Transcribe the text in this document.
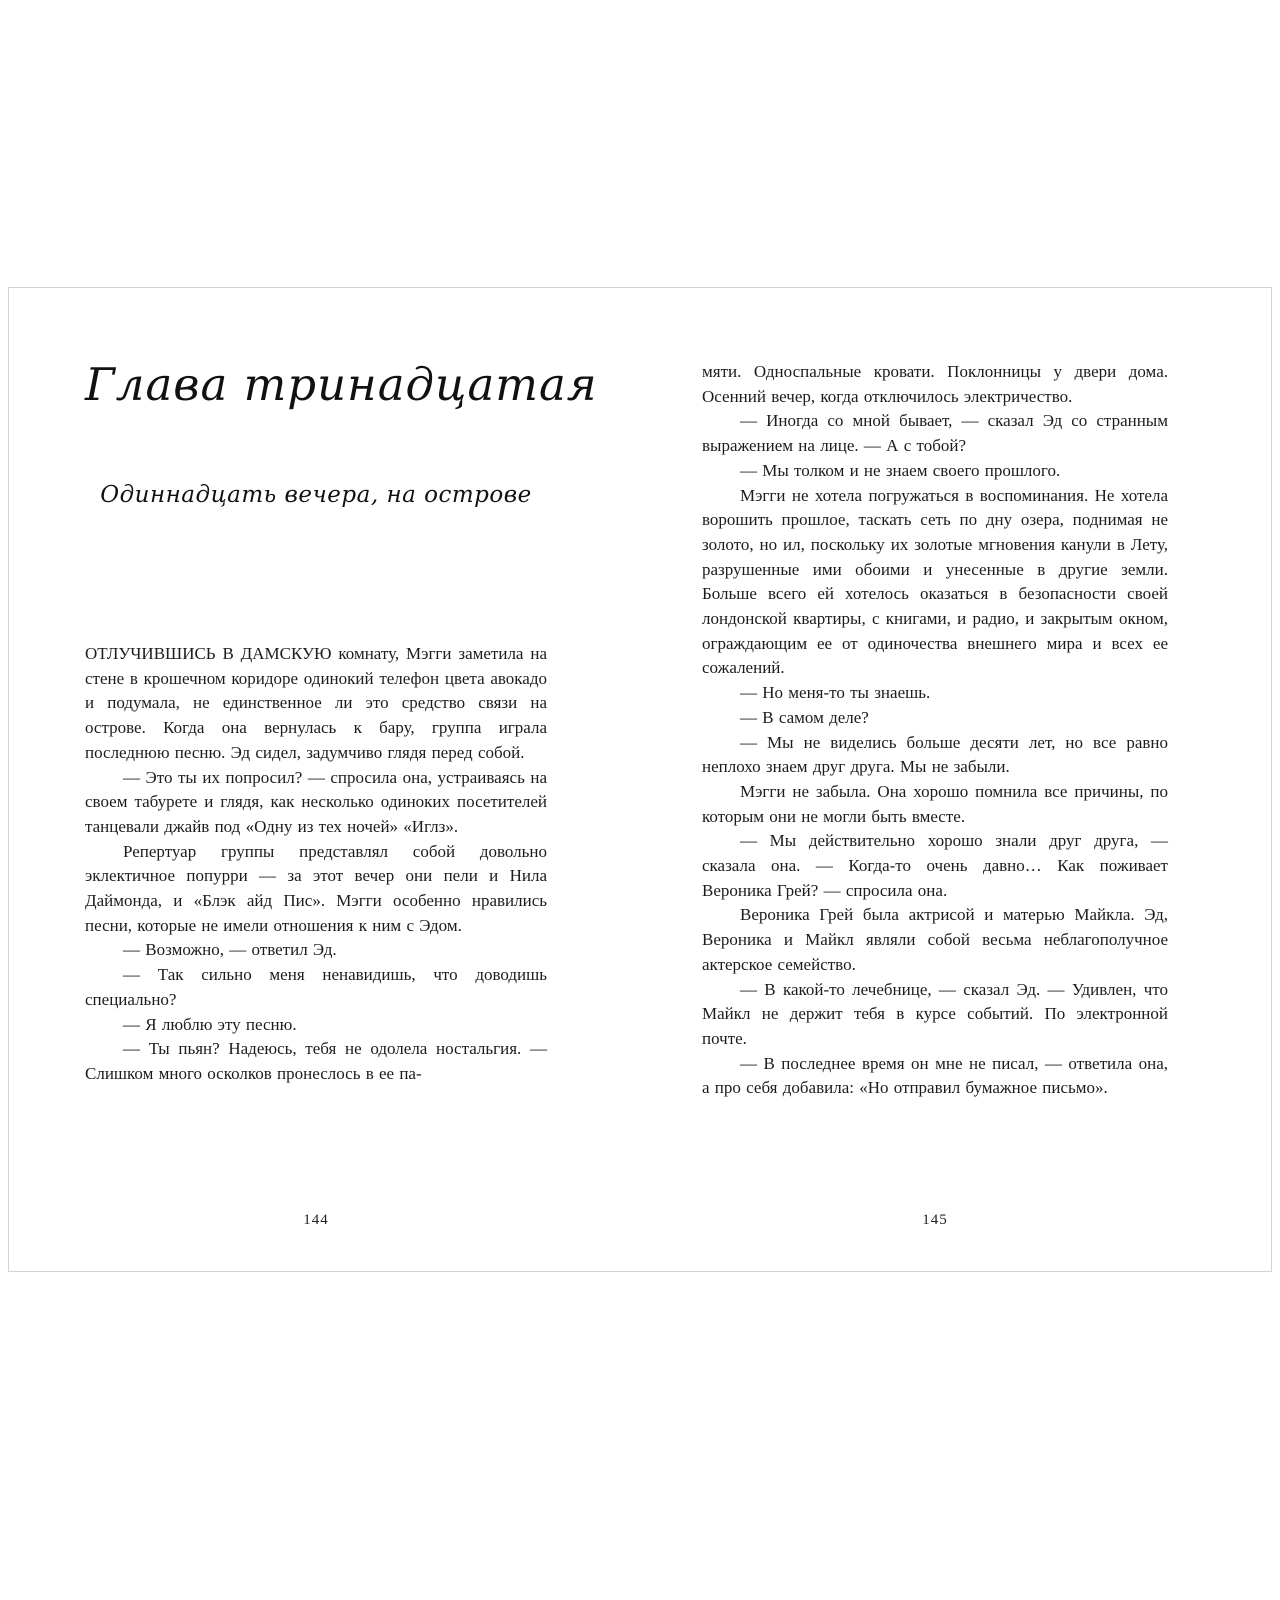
Глава тринадцатая
Одиннадцать вечера, на острове

ОТЛУЧИВШИСЬ В ДАМСКУЮ комнату, Мэгги заметила на стене в крошечном коридоре одинокий телефон цвета авокадо и подумала, не единственное ли это средство связи на острове. Когда она вернулась к бару, группа играла последнюю песню. Эд сидел, задумчиво глядя перед собой.

— Это ты их попросил? — спросила она, устраиваясь на своем табурете и глядя, как несколько одиноких посетителей танцевали джайв под «Одну из тех ночей» «Иглз».

Репертуар группы представлял собой довольно эклектичное попурри — за этот вечер они пели и Нила Даймонда, и «Блэк айд Пис». Мэгги особенно нравились песни, которые не имели отношения к ним с Эдом.

— Возможно, — ответил Эд.

— Так сильно меня ненавидишь, что доводишь специально?

— Я люблю эту песню.

— Ты пьян? Надеюсь, тебя не одолела ностальгия. — Слишком много осколков пронеслось в ее па-

144

мяти. Односпальные кровати. Поклонницы у двери дома. Осенний вечер, когда отключилось электричество.

— Иногда со мной бывает, — сказал Эд со странным выражением на лице. — А с тобой?

— Мы толком и не знаем своего прошлого.

Мэгги не хотела погружаться в воспоминания. Не хотела ворошить прошлое, таскать сеть по дну озера, поднимая не золото, но ил, поскольку их золотые мгновения канули в Лету, разрушенные ими обоими и унесенные в другие земли. Больше всего ей хотелось оказаться в безопасности своей лондонской квартиры, с книгами, и радио, и закрытым окном, ограждающим ее от одиночества внешнего мира и всех ее сожалений.

— Но меня-то ты знаешь.

— В самом деле?

— Мы не виделись больше десяти лет, но все равно неплохо знаем друг друга. Мы не забыли.

Мэгги не забыла. Она хорошо помнила все причины, по которым они не могли быть вместе.

— Мы действительно хорошо знали друг друга, — сказала она. — Когда-то очень давно… Как поживает Вероника Грей? — спросила она.

Вероника Грей была актрисой и матерью Майкла. Эд, Вероника и Майкл являли собой весьма неблагополучное актерское семейство.

— В какой-то лечебнице, — сказал Эд. — Удивлен, что Майкл не держит тебя в курсе событий. По электронной почте.

— В последнее время он мне не писал, — ответила она, а про себя добавила: «Но отправил бумажное письмо».

145
